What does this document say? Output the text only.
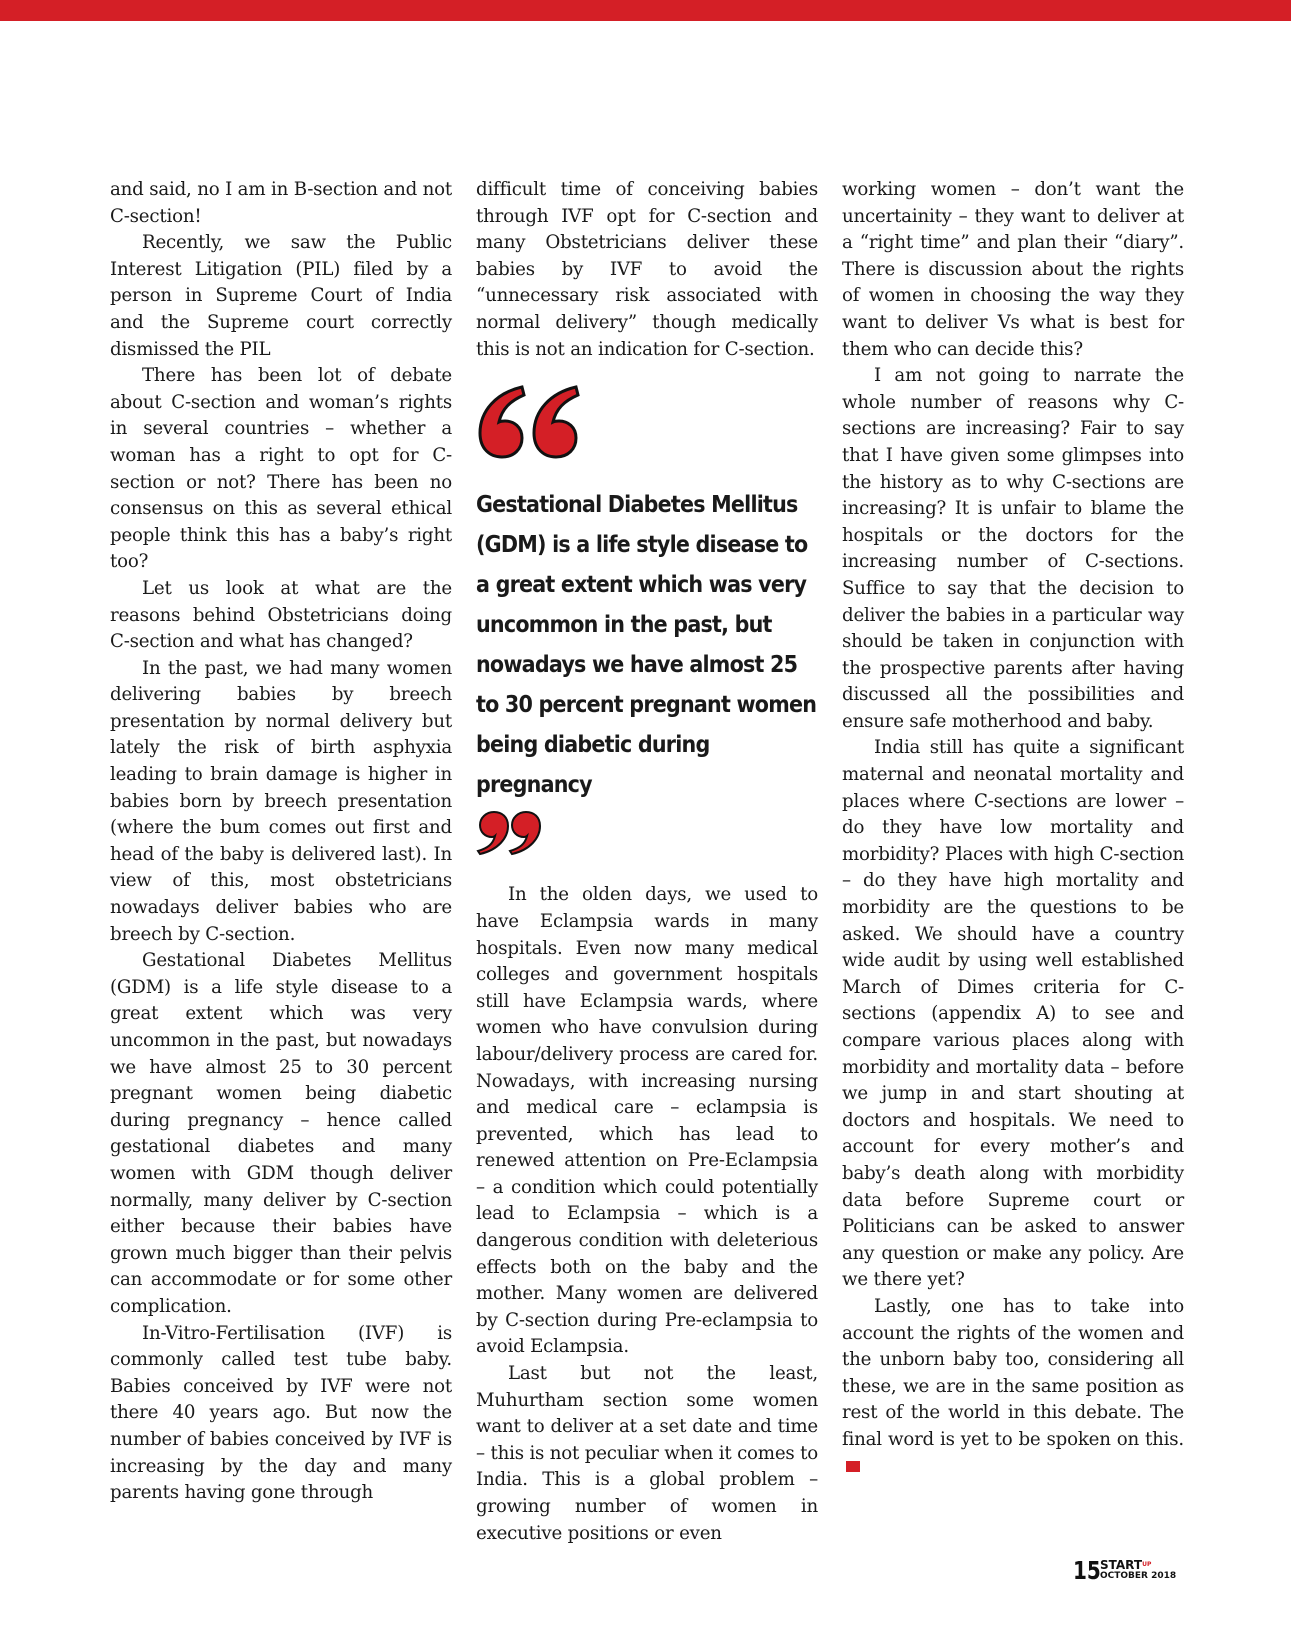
and said, no I am in B-section and not C-section!

Recently, we saw the Public Interest Litigation (PIL) filed by a person in Supreme Court of India and the Supreme court correctly dismissed the PIL

There has been lot of debate about C-section and woman’s rights in several countries – whether a woman has a right to opt for C-section or not? There has been no consensus on this as several ethical people think this has a baby’s right too?

Let us look at what are the reasons behind Obstetricians doing C-section and what has changed?

In the past, we had many women delivering babies by breech presentation by normal delivery but lately the risk of birth asphyxia leading to brain damage is higher in babies born by breech presentation (where the bum comes out first and head of the baby is delivered last). In view of this, most obstetricians nowadays deliver babies who are breech by C-section.

Gestational Diabetes Mellitus (GDM) is a life style disease to a great extent which was very uncommon in the past, but nowadays we have almost 25 to 30 percent pregnant women being diabetic during pregnancy – hence called gestational diabetes and many women with GDM though deliver normally, many deliver by C-section either because their babies have grown much bigger than their pelvis can accommodate or for some other complication.

In-Vitro-Fertilisation (IVF) is commonly called test tube baby. Babies conceived by IVF were not there 40 years ago. But now the number of babies conceived by IVF is increasing by the day and many parents having gone through

difficult time of conceiving babies through IVF opt for C-section and many Obstetricians deliver these babies by IVF to avoid the “unnecessary risk associated with normal delivery” though medically this is not an indication for C-section.

Gestational Diabetes Mellitus (GDM) is a life style disease to a great extent which was very uncommon in the past, but nowadays we have almost 25 to 30 percent pregnant women being diabetic during pregnancy

In the olden days, we used to have Eclampsia wards in many hospitals. Even now many medical colleges and government hospitals still have Eclampsia wards, where women who have convulsion during labour/delivery process are cared for. Nowadays, with increasing nursing and medical care – eclampsia is prevented, which has lead to renewed attention on Pre-Eclampsia – a condition which could potentially lead to Eclampsia – which is a dangerous condition with deleterious effects both on the baby and the mother. Many women are delivered by C-section during Pre-eclampsia to avoid Eclampsia.

Last but not the least, Muhurtham section some women want to deliver at a set date and time – this is not peculiar when it comes to India. This is a global problem – growing number of women in executive positions or even

working women – don’t want the uncertainity – they want to deliver at a “right time” and plan their “diary”. There is discussion about the rights of women in choosing the way they want to deliver Vs what is best for them who can decide this?

I am not going to narrate the whole number of reasons why C-sections are increasing? Fair to say that I have given some glimpses into the history as to why C-sections are increasing? It is unfair to blame the hospitals or the doctors for the increasing number of C-sections. Suffice to say that the decision to deliver the babies in a particular way should be taken in conjunction with the prospective parents after having discussed all the possibilities and ensure safe motherhood and baby.

India still has quite a significant maternal and neonatal mortality and places where C-sections are lower – do they have low mortality and morbidity? Places with high C-section – do they have high mortality and morbidity are the questions to be asked. We should have a country wide audit by using well established March of Dimes criteria for C-sections (appendix A) to see and compare various places along with morbidity and mortality data – before we jump in and start shouting at doctors and hospitals. We need to account for every mother’s and baby’s death along with morbidity data before Supreme court or Politicians can be asked to answer any question or make any policy. Are we there yet?

Lastly, one has to take into account the rights of the women and the unborn baby too, considering all these, we are in the same position as rest of the world in this debate. The final word is yet to be spoken on this.SC

15 $START^{UP}$
OCTOBER 2018
